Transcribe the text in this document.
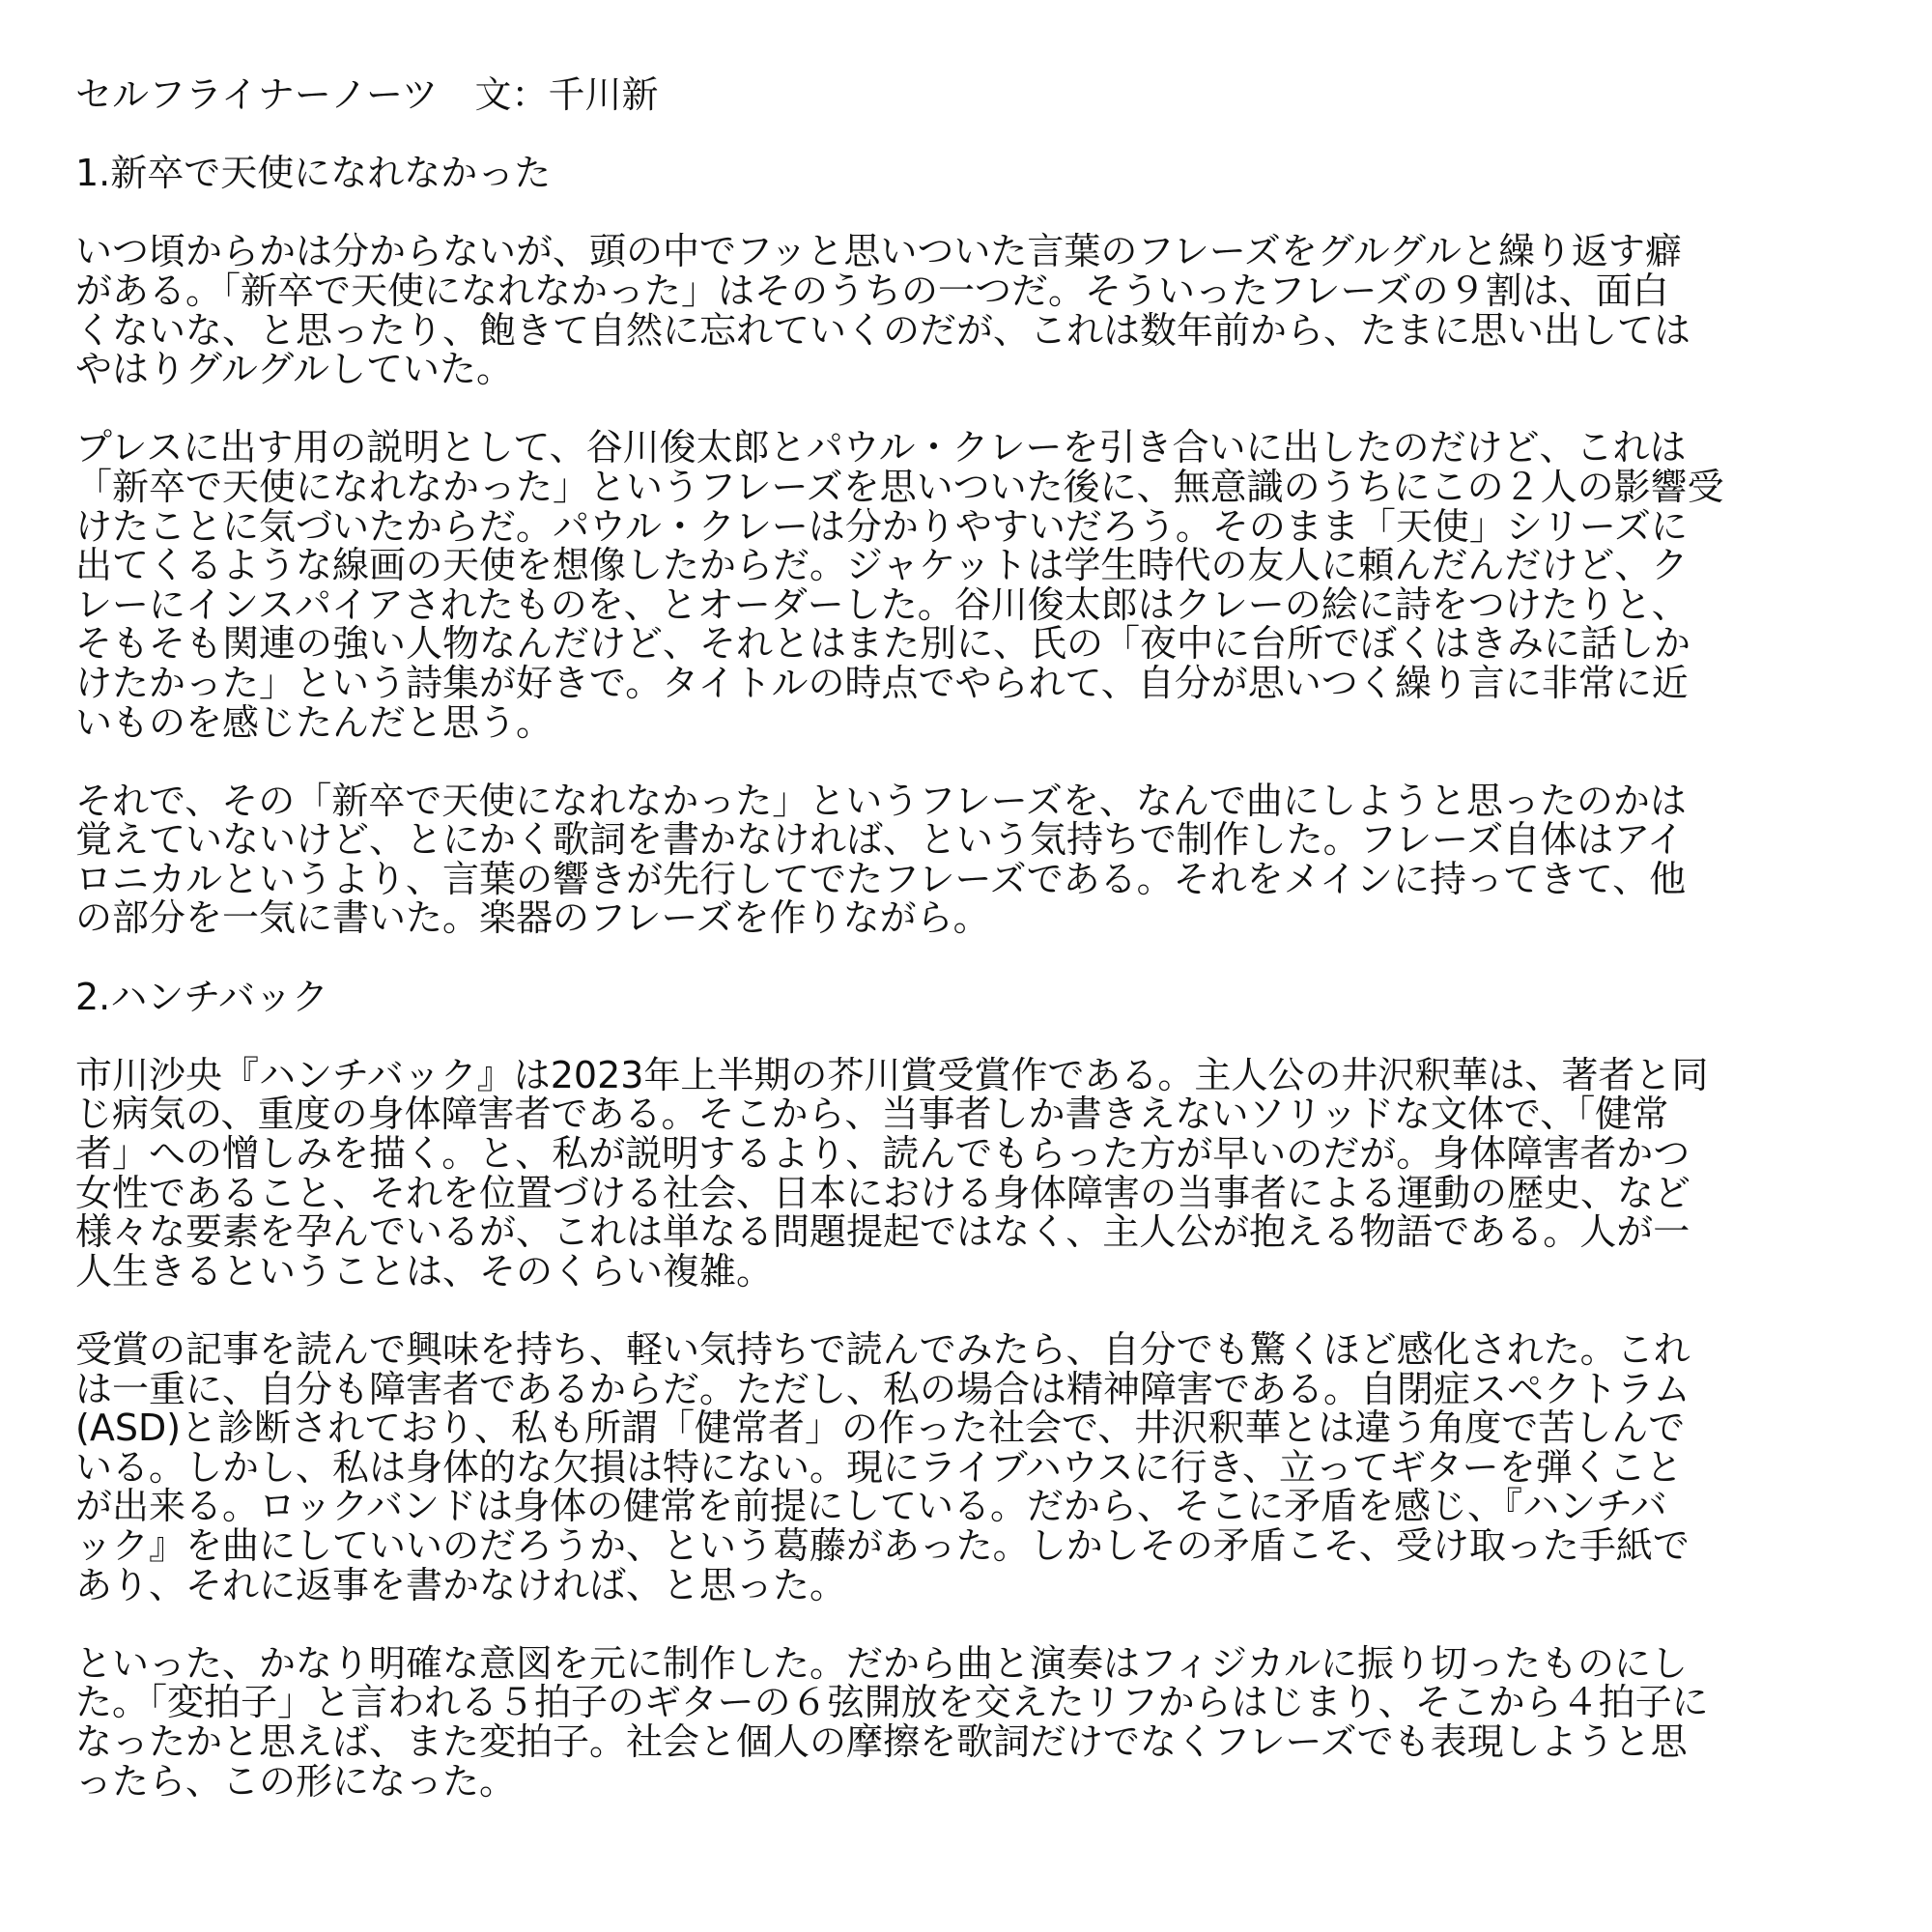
セルフライナーノーツ　文：千川新
1.新卒で天使になれなかった
いつ頃からかは分からないが、頭の中でフッと思いついた言葉のフレーズをグルグルと繰り返す癖
がある。「新卒で天使になれなかった」はそのうちの一つだ。そういったフレーズの９割は、面白
くないな、と思ったり、飽きて自然に忘れていくのだが、これは数年前から、たまに思い出しては
やはりグルグルしていた。
プレスに出す用の説明として、谷川俊太郎とパウル・クレーを引き合いに出したのだけど、これは
「新卒で天使になれなかった」というフレーズを思いついた後に、無意識のうちにこの２人の影響受
けたことに気づいたからだ。パウル・クレーは分かりやすいだろう。そのまま「天使」シリーズに
出てくるような線画の天使を想像したからだ。ジャケットは学生時代の友人に頼んだんだけど、ク
レーにインスパイアされたものを、とオーダーした。谷川俊太郎はクレーの絵に詩をつけたりと、
そもそも関連の強い人物なんだけど、それとはまた別に、氏の「夜中に台所でぼくはきみに話しか
けたかった」という詩集が好きで。タイトルの時点でやられて、自分が思いつく繰り言に非常に近
いものを感じたんだと思う。
それで、その「新卒で天使になれなかった」というフレーズを、なんで曲にしようと思ったのかは
覚えていないけど、とにかく歌詞を書かなければ、という気持ちで制作した。フレーズ自体はアイ
ロニカルというより、言葉の響きが先行してでたフレーズである。それをメインに持ってきて、他
の部分を一気に書いた。楽器のフレーズを作りながら。
2.ハンチバック
市川沙央『ハンチバック』は2023年上半期の芥川賞受賞作である。主人公の井沢釈華は、著者と同
じ病気の、重度の身体障害者である。そこから、当事者しか書きえないソリッドな文体で、「健常
者」への憎しみを描く。と、私が説明するより、読んでもらった方が早いのだが。身体障害者かつ
女性であること、それを位置づける社会、日本における身体障害の当事者による運動の歴史、など
様々な要素を孕んでいるが、これは単なる問題提起ではなく、主人公が抱える物語である。人が一
人生きるということは、そのくらい複雑。
受賞の記事を読んで興味を持ち、軽い気持ちで読んでみたら、自分でも驚くほど感化された。これ
は一重に、自分も障害者であるからだ。ただし、私の場合は精神障害である。自閉症スペクトラム
(ASD)と診断されており、私も所謂「健常者」の作った社会で、井沢釈華とは違う角度で苦しんで
いる。しかし、私は身体的な欠損は特にない。現にライブハウスに行き、立ってギターを弾くこと
が出来る。ロックバンドは身体の健常を前提にしている。だから、そこに矛盾を感じ、『ハンチバ
ック』を曲にしていいのだろうか、という葛藤があった。しかしその矛盾こそ、受け取った手紙で
あり、それに返事を書かなければ、と思った。
といった、かなり明確な意図を元に制作した。だから曲と演奏はフィジカルに振り切ったものにし
た。「変拍子」と言われる５拍子のギターの６弦開放を交えたリフからはじまり、そこから４拍子に
なったかと思えば、また変拍子。社会と個人の摩擦を歌詞だけでなくフレーズでも表現しようと思
ったら、この形になった。
